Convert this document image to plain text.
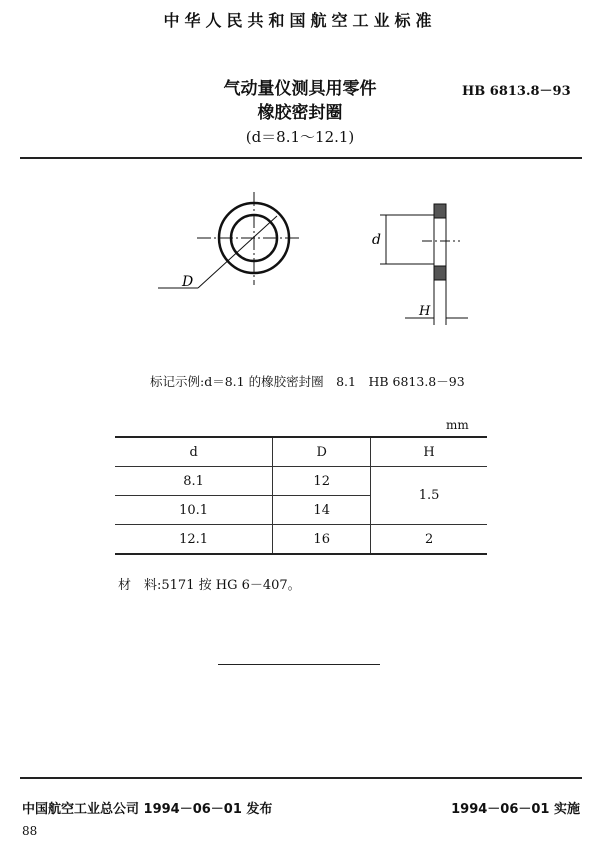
中华人民共和国航空工业标准
气动量仪测具用零件
橡胶密封圈
(d＝8.1～12.1)
HB 6813.8－93
D
d
H
标记示例:d＝8.1 的橡胶密封圈　8.1　HB 6813.8－93
mm
d	D	H
8.1	12	1.5
10.1	14	
12.1	16	2
材　料:5171 按 HG 6－407。
中国航空工业总公司 1994－06－01 发布	1994－06－01 实施
88
